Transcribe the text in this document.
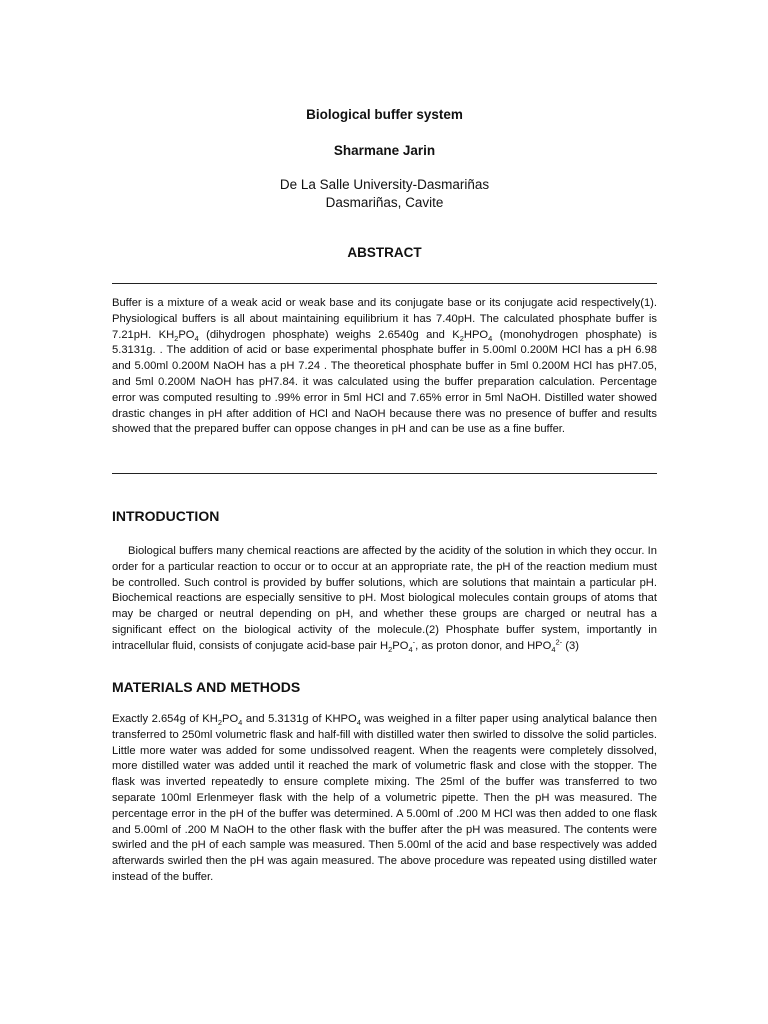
Biological buffer system
Sharmane Jarin
De La Salle University-Dasmariñas
Dasmariñas, Cavite
ABSTRACT

Buffer is a mixture of a weak acid or weak base and its conjugate base or its conjugate acid respectively(1). Physiological buffers is all about maintaining equilibrium it has 7.40pH. The calculated phosphate buffer is 7.21pH. $KH_2PO_4$ (dihydrogen phosphate) weighs 2.6540g and $K_2HPO_4$ (monohydrogen phosphate) is 5.3131g. . The addition of acid or base experimental phosphate buffer in 5.00ml 0.200M HCl has a pH 6.98 and 5.00ml 0.200M NaOH has a pH 7.24 . The theoretical phosphate buffer in 5ml 0.200M HCl has pH7.05, and 5ml 0.200M NaOH has pH7.84. it was calculated using the buffer preparation calculation. Percentage error was computed resulting to .99% error in 5ml HCl and 7.65% error in 5ml NaOH. Distilled water showed drastic changes in pH after addition of HCl and NaOH because there was no presence of buffer and results showed that the prepared buffer can oppose changes in pH and can be use as a fine buffer.

INTRODUCTION

Biological buffers many chemical reactions are affected by the acidity of the solution in which they occur. In order for a particular reaction to occur or to occur at an appropriate rate, the pH of the reaction medium must be controlled. Such control is provided by buffer solutions, which are solutions that maintain a particular pH. Biochemical reactions are especially sensitive to pH. Most biological molecules contain groups of atoms that may be charged or neutral depending on pH, and whether these groups are charged or neutral has a significant effect on the biological activity of the molecule.(2) Phosphate buffer system, importantly in intracellular fluid, consists of conjugate acid-base pair $H_2PO_4^-$, as proton donor, and $HPO_4^{2-}$ (3)

MATERIALS AND METHODS

Exactly 2.654g of $KH_2PO_4$ and 5.3131g of $KHPO_4$ was weighed in a filter paper using analytical balance then transferred to 250ml volumetric flask and half-fill with distilled water then swirled to dissolve the solid particles. Little more water was added for some undissolved reagent. When the reagents were completely dissolved, more distilled water was added until it reached the mark of volumetric flask and close with the stopper. The flask was inverted repeatedly to ensure complete mixing. The 25ml of the buffer was transferred to two separate 100ml Erlenmeyer flask with the help of a volumetric pipette. Then the pH was measured. The percentage error in the pH of the buffer was determined. A 5.00ml of .200 M HCl was then added to one flask and 5.00ml of .200 M NaOH to the other flask with the buffer after the pH was measured. The contents were swirled and the pH of each sample was measured. Then 5.00ml of the acid and base respectively was added afterwards swirled then the pH was again measured. The above procedure was repeated using distilled water instead of the buffer.
